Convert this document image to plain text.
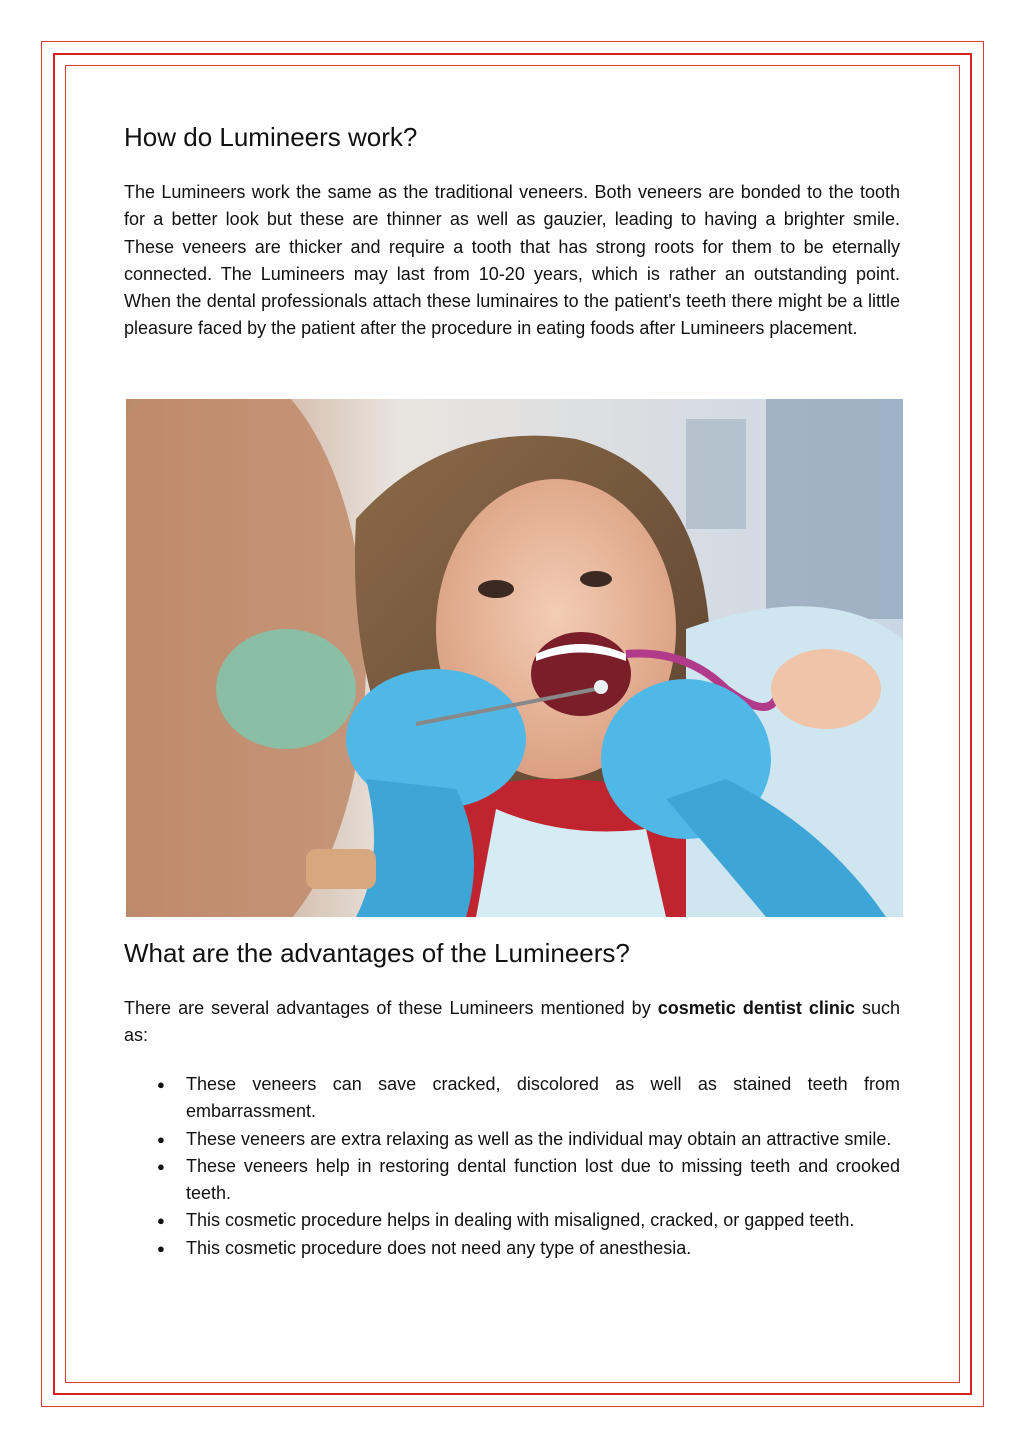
How do Lumineers work?

The Lumineers work the same as the traditional veneers. Both veneers are bonded to the tooth for a better look but these are thinner as well as gauzier, leading to having a brighter smile. These veneers are thicker and require a tooth that has strong roots for them to be eternally connected. The Lumineers may last from 10-20 years, which is rather an outstanding point. When the dental professionals attach these luminaires to the patient's teeth there might be a little pleasure faced by the patient after the procedure in eating foods after Lumineers placement.

What are the advantages of the Lumineers?

There are several advantages of these Lumineers mentioned by cosmetic dentist clinic such as:

● These veneers can save cracked, discolored as well as stained teeth from embarrassment.
● These veneers are extra relaxing as well as the individual may obtain an attractive smile.
● These veneers help in restoring dental function lost due to missing teeth and crooked teeth.
● This cosmetic procedure helps in dealing with misaligned, cracked, or gapped teeth.
● This cosmetic procedure does not need any type of anesthesia.
